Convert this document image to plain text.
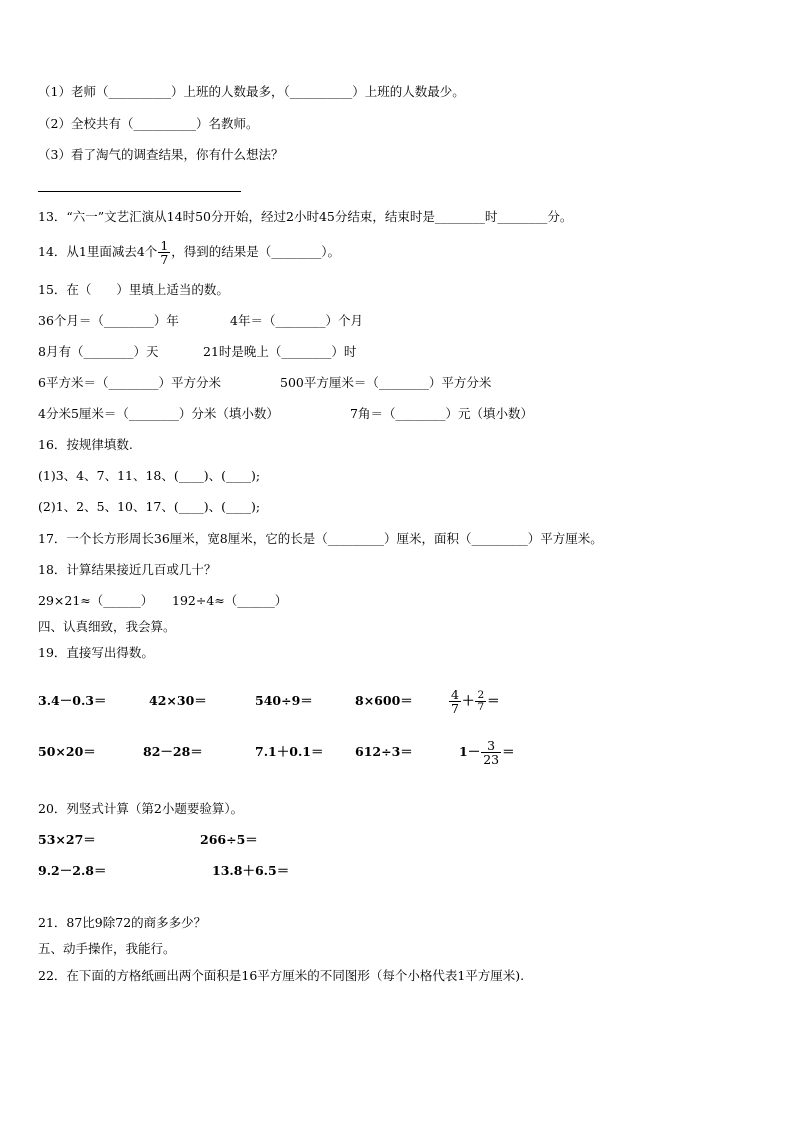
（1）老师（__________）上班的人数最多，（__________）上班的人数最少。
（2）全校共有（__________）名教师。
（3）看了淘气的调查结果，你有什么想法？
13．“六一”文艺汇演从14时50分开始，经过2小时45分结束，结束时是________时________分。
14．从1里面减去4个 $\frac{1}{7}$ ，得到的结果是（________）。
15．在（　　）里填上适当的数。
36个月＝（________）年	4年＝（________）个月
8月有（________）天	21时是晚上（________）时
6平方米＝（________）平方分米	500平方厘米＝（________）平方分米
4分米5厘米＝（________）分米（填小数）	7角＝（________）元（填小数）
16．按规律填数.
(1)3、4、7、11、18、(____)、(____);
(2)1、2、5、10、17、(____)、(____);
17．一个长方形周长36厘米，宽8厘米，它的长是（_________）厘米，面积（_________）平方厘米。
18．计算结果接近几百或几十？
29×21≈（______） 192÷4≈（______）
四、认真细致，我会算。
19．直接写出得数。
3.4－0.3＝	42×30＝	540÷9＝	8×600＝	$\frac{4}{7} + \frac{2}{7}$ ＝
50×20＝	82－28＝	7.1＋0.1＝	612÷3＝	$1- \frac{3}{23}$ ＝
20．列竖式计算（第2小题要验算）。
53×27＝	266÷5＝
9.2－2.8＝	13.8＋6.5＝
21．87比9除72的商多多少？
五、动手操作，我能行。
22．在下面的方格纸画出两个面积是16平方厘米的不同图形（每个小格代表1平方厘米).
